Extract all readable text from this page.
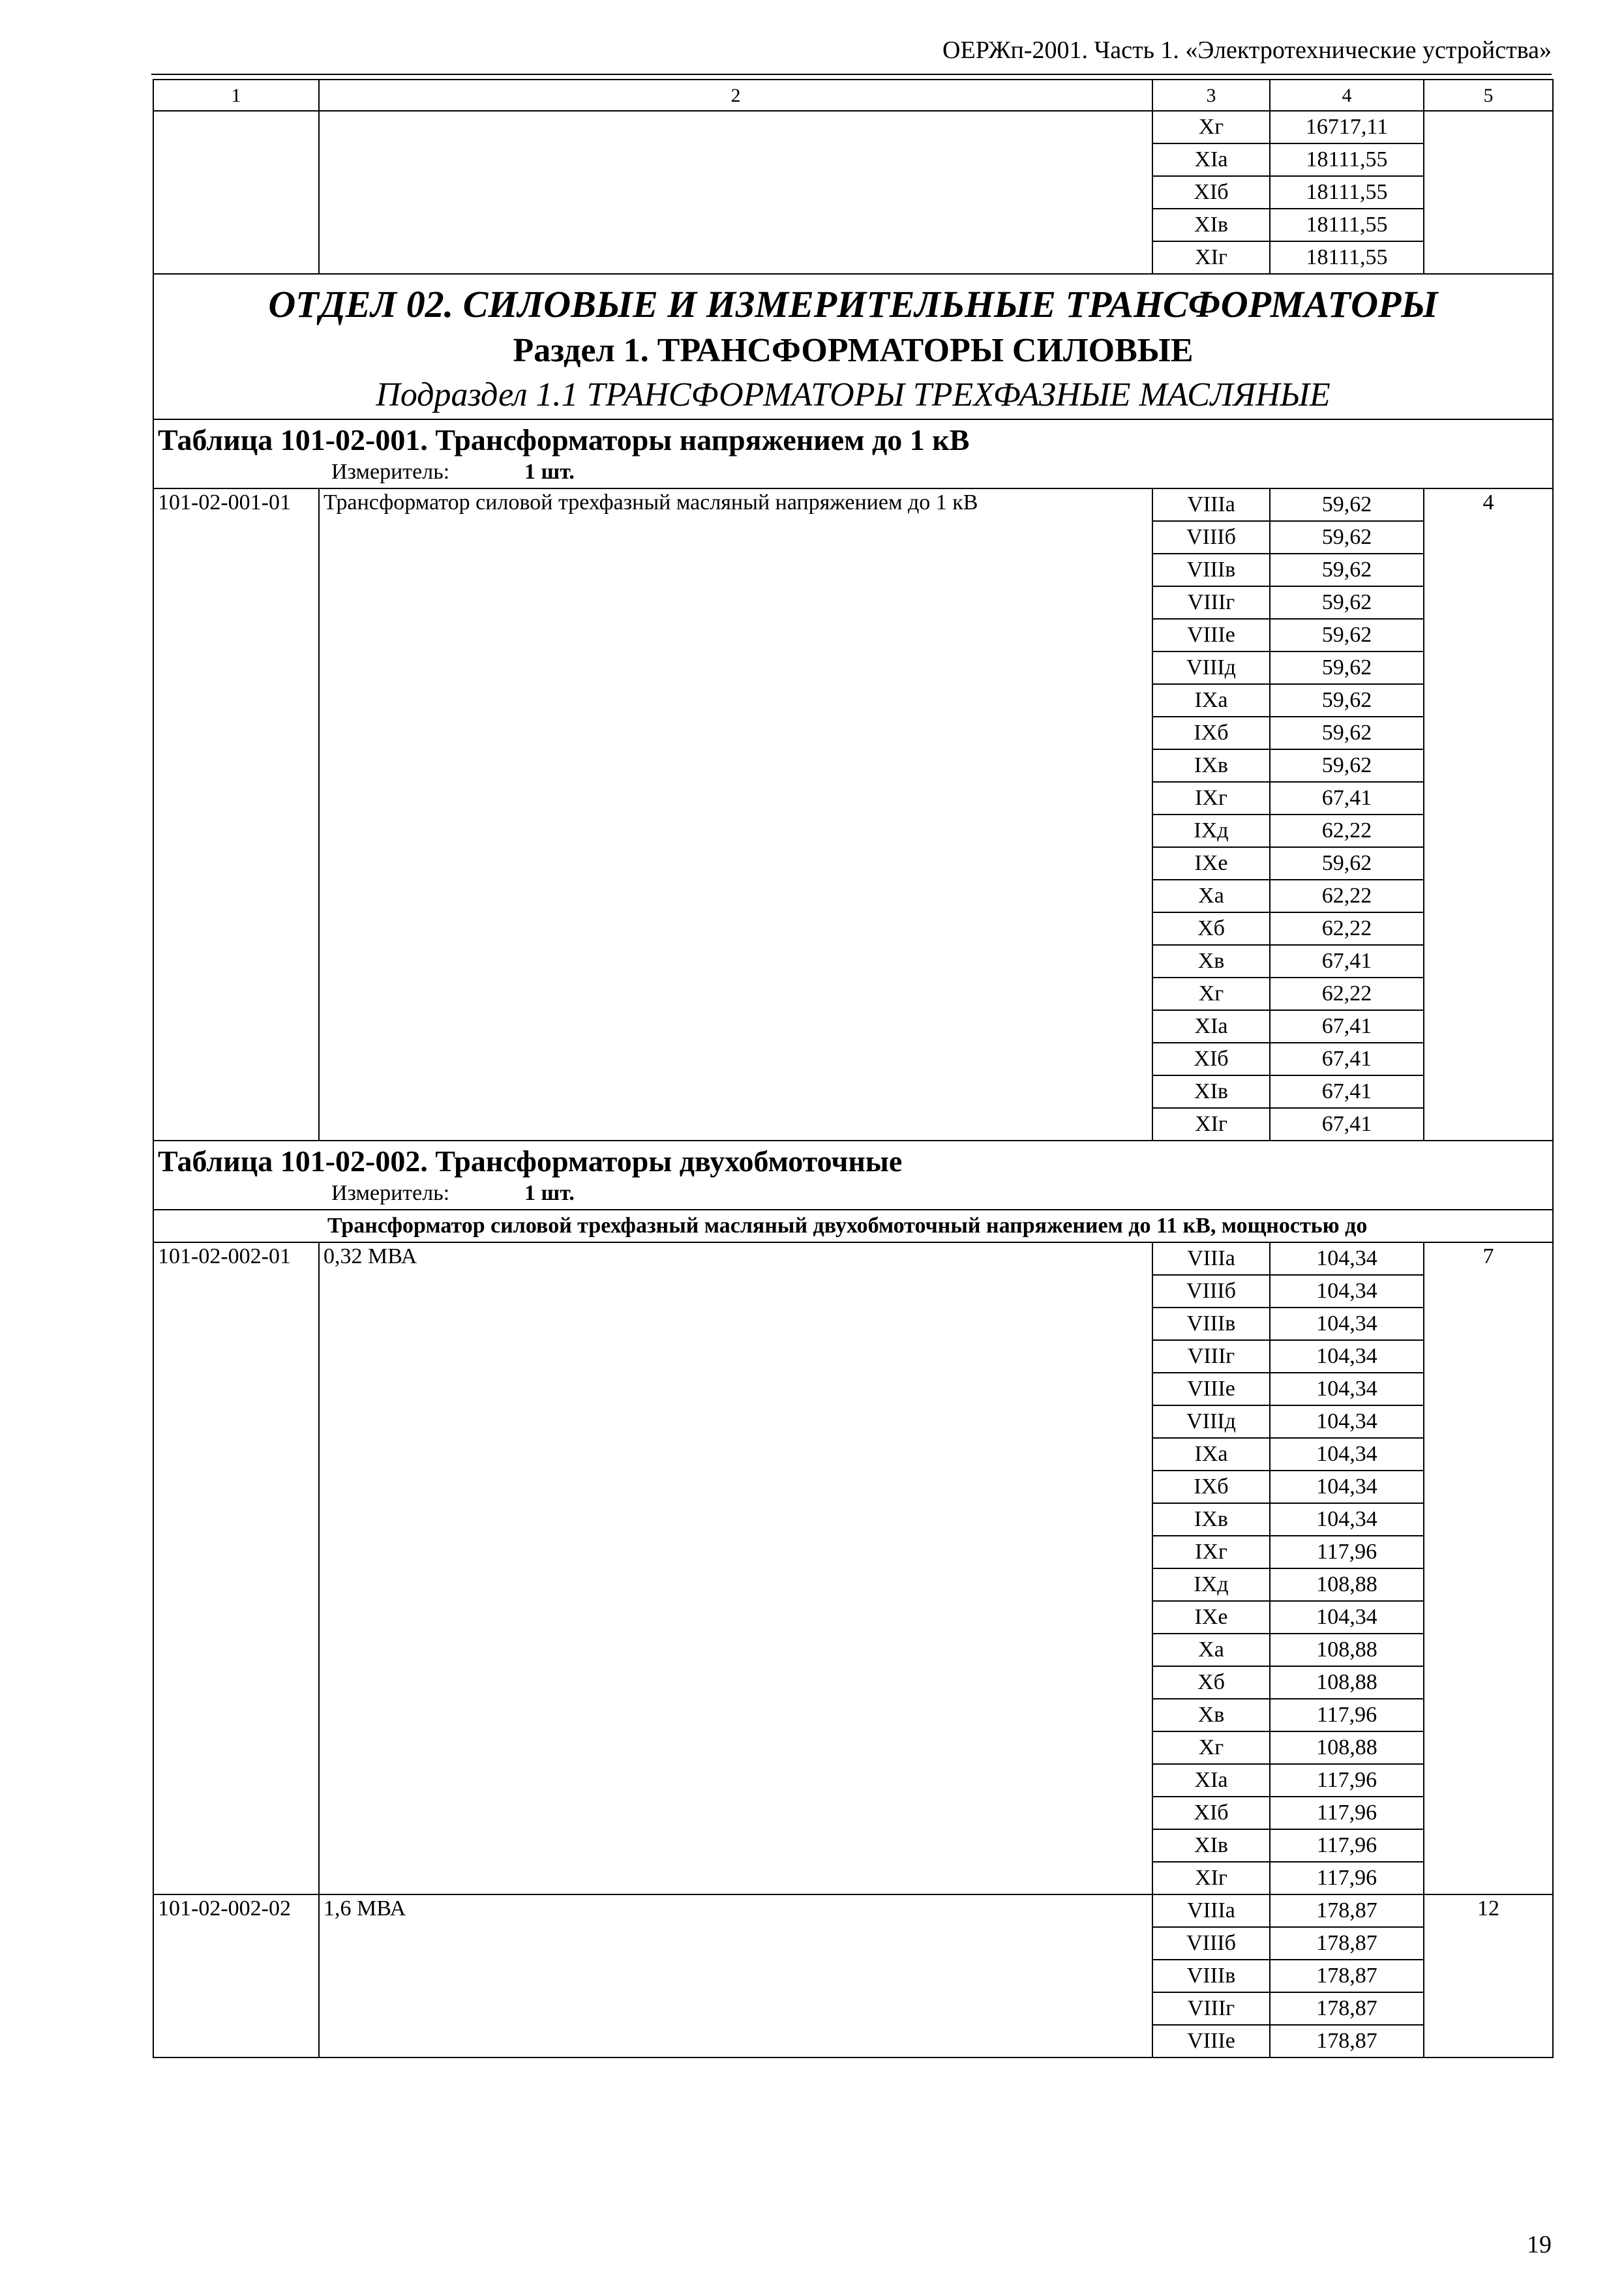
ОЕРЖп-2001. Часть 1. «Электротехнические устройства»
1	2	3	4	5
		Xг	16717,11	
		XIа	18111,55	
		XIб	18111,55	
		XIв	18111,55	
		XIг	18111,55	

ОТДЕЛ 02. СИЛОВЫЕ И ИЗМЕРИТЕЛЬНЫЕ ТРАНСФОРМАТОРЫ
Раздел 1. ТРАНСФОРМАТОРЫ СИЛОВЫЕ
Подраздел 1.1 ТРАНСФОРМАТОРЫ ТРЕХФАЗНЫЕ МАСЛЯНЫЕ				

Таблица 101-02-001. Трансформаторы напряжением до 1 кВ
Измеритель: 1 шт.				

101-02-001-01	Трансформатор силовой трехфазный масляный напряжением до 1 кВ	VIIIа	59,62	4
		VIIIб	59,62	
		VIIIв	59,62	
		VIIIг	59,62	
		VIIIе	59,62	
		VIIIд	59,62	
		IXа	59,62	
		IXб	59,62	
		IXв	59,62	
		IXг	67,41	
		IXд	62,22	
		IXе	59,62	
		Xа	62,22	
		Xб	62,22	
		Xв	67,41	
		Xг	62,22	
		XIа	67,41	
		XIб	67,41	
		XIв	67,41	
		XIг	67,41	
Таблица 101-02-002. Трансформаторы двухобмоточные
Измеритель: 1 шт.				

Трансформатор силовой трехфазный масляный двухобмоточный напряжением до 11 кВ, мощностью до				
101-02-002-01	0,32 МВА	VIIIа	104,34	7
		VIIIб	104,34	
		VIIIв	104,34	
		VIIIг	104,34	
		VIIIе	104,34	
		VIIIд	104,34	
		IXа	104,34	
		IXб	104,34	
		IXв	104,34	
		IXг	117,96	
		IXд	108,88	
		IXе	104,34	
		Xа	108,88	
		Xб	108,88	
		Xв	117,96	
		Xг	108,88	
		XIа	117,96	
		XIб	117,96	
		XIв	117,96	
		XIг	117,96	
101-02-002-02	1,6 МВА	VIIIа	178,87	12
		VIIIб	178,87	
		VIIIв	178,87	
		VIIIг	178,87	
		VIIIе	178,87	
19
